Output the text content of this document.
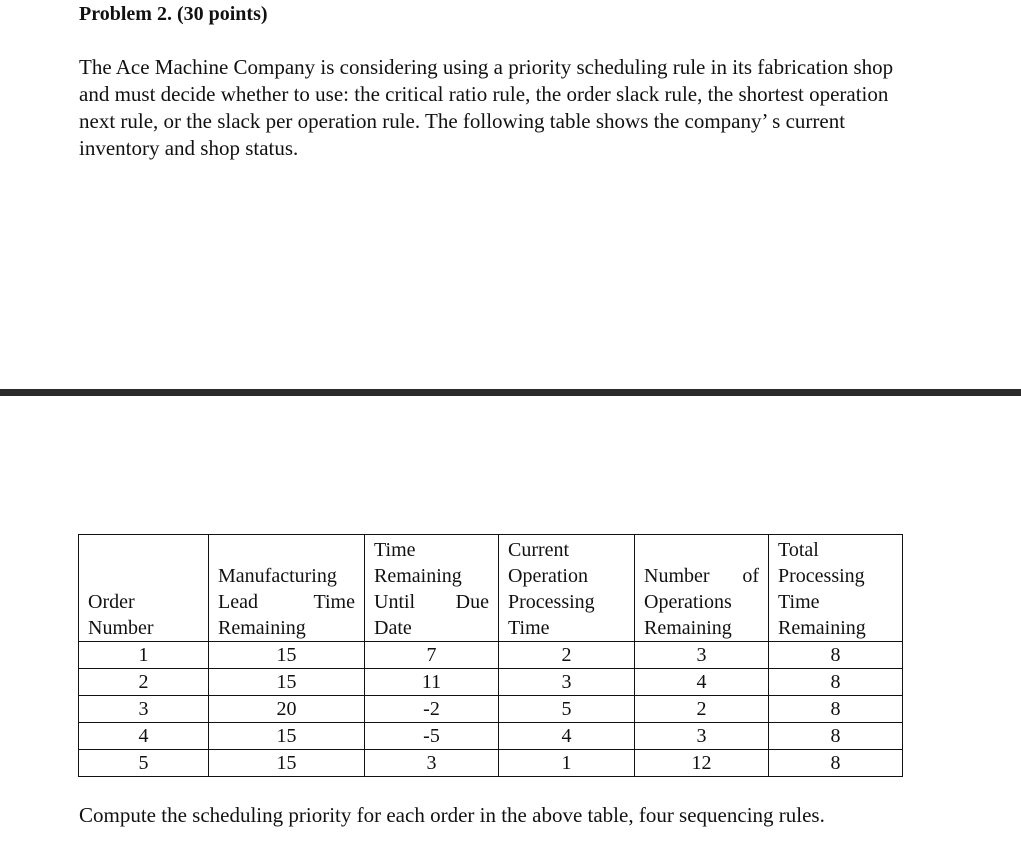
Problem 2. (30 points)

The Ace Machine Company is considering using a priority scheduling rule in its fabrication shop and must decide whether to use: the critical ratio rule, the order slack rule, the shortest operation next rule, or the slack per operation rule. The following table shows the company’ s current inventory and shop status.

Order Number	Manufacturing Lead Time Remaining	Time Remaining Until Due Date	Current Operation Processing Time	Number of Operations Remaining	Total Processing Time Remaining
1	15	7	2	3	8
2	15	11	3	4	8
3	20	-2	5	2	8
4	15	-5	4	3	8
5	15	3	1	12	8

Compute the scheduling priority for each order in the above table, four sequencing rules.
